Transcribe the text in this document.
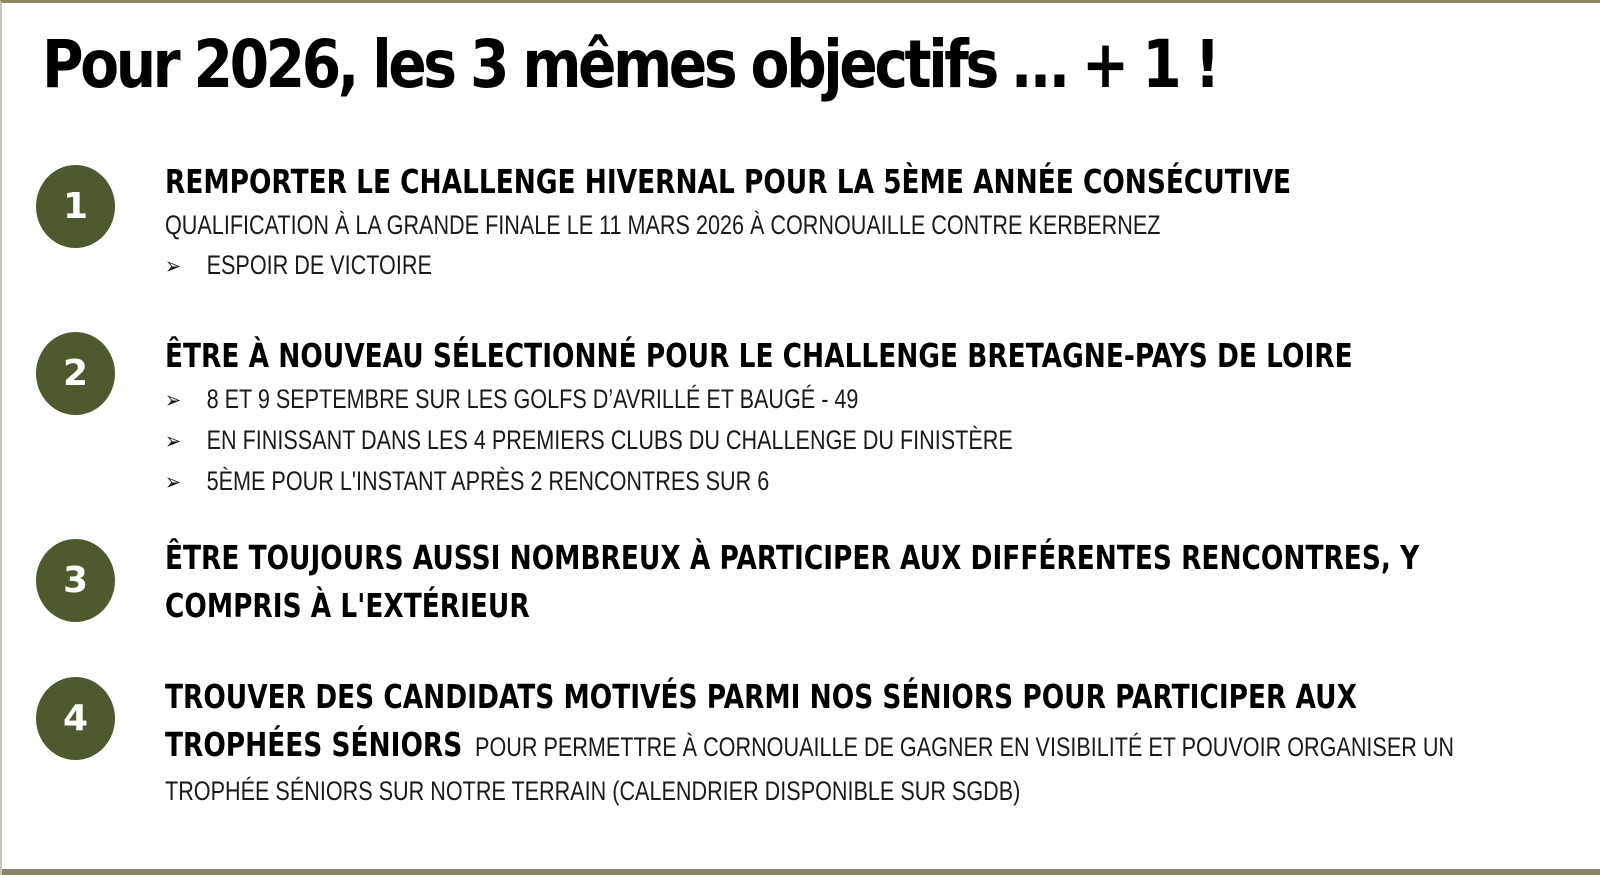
Pour 2026, les 3 mêmes objectifs … + 1 !
1

REMPORTER LE CHALLENGE HIVERNAL POUR LA 5ÈME ANNÉE CONSÉCUTIVE

QUALIFICATION À LA GRANDE FINALE LE 11 MARS 2026 À CORNOUAILLE CONTRE KERBERNEZ

➢ ESPOIR DE VICTOIRE

2	ÊTRE À NOUVEAU SÉLECTIONNÉ POUR LE CHALLENGE BRETAGNE-PAYS DE LOIRE

➢ 8 ET 9 SEPTEMBRE SUR LES GOLFS D’AVRILLÉ ET BAUGÉ - 49

➢ EN FINISSANT DANS LES 4 PREMIERS CLUBS DU CHALLENGE DU FINISTÈRE

➢ 5ÈME POUR L'INSTANT APRÈS 2 RENCONTRES SUR 6

3

ÊTRE TOUJOURS AUSSI NOMBREUX À PARTICIPER AUX DIFFÉRENTES RENCONTRES, Y

COMPRIS À L'EXTÉRIEUR

4

TROUVER DES CANDIDATS MOTIVÉS PARMI NOS SÉNIORS POUR PARTICIPER AUX

TROPHÉES SÉNIORS POUR PERMETTRE À CORNOUAILLE DE GAGNER EN VISIBILITÉ ET POUVOIR ORGANISER UN

TROPHÉE SÉNIORS SUR NOTRE TERRAIN (CALENDRIER DISPONIBLE SUR SGDB)
